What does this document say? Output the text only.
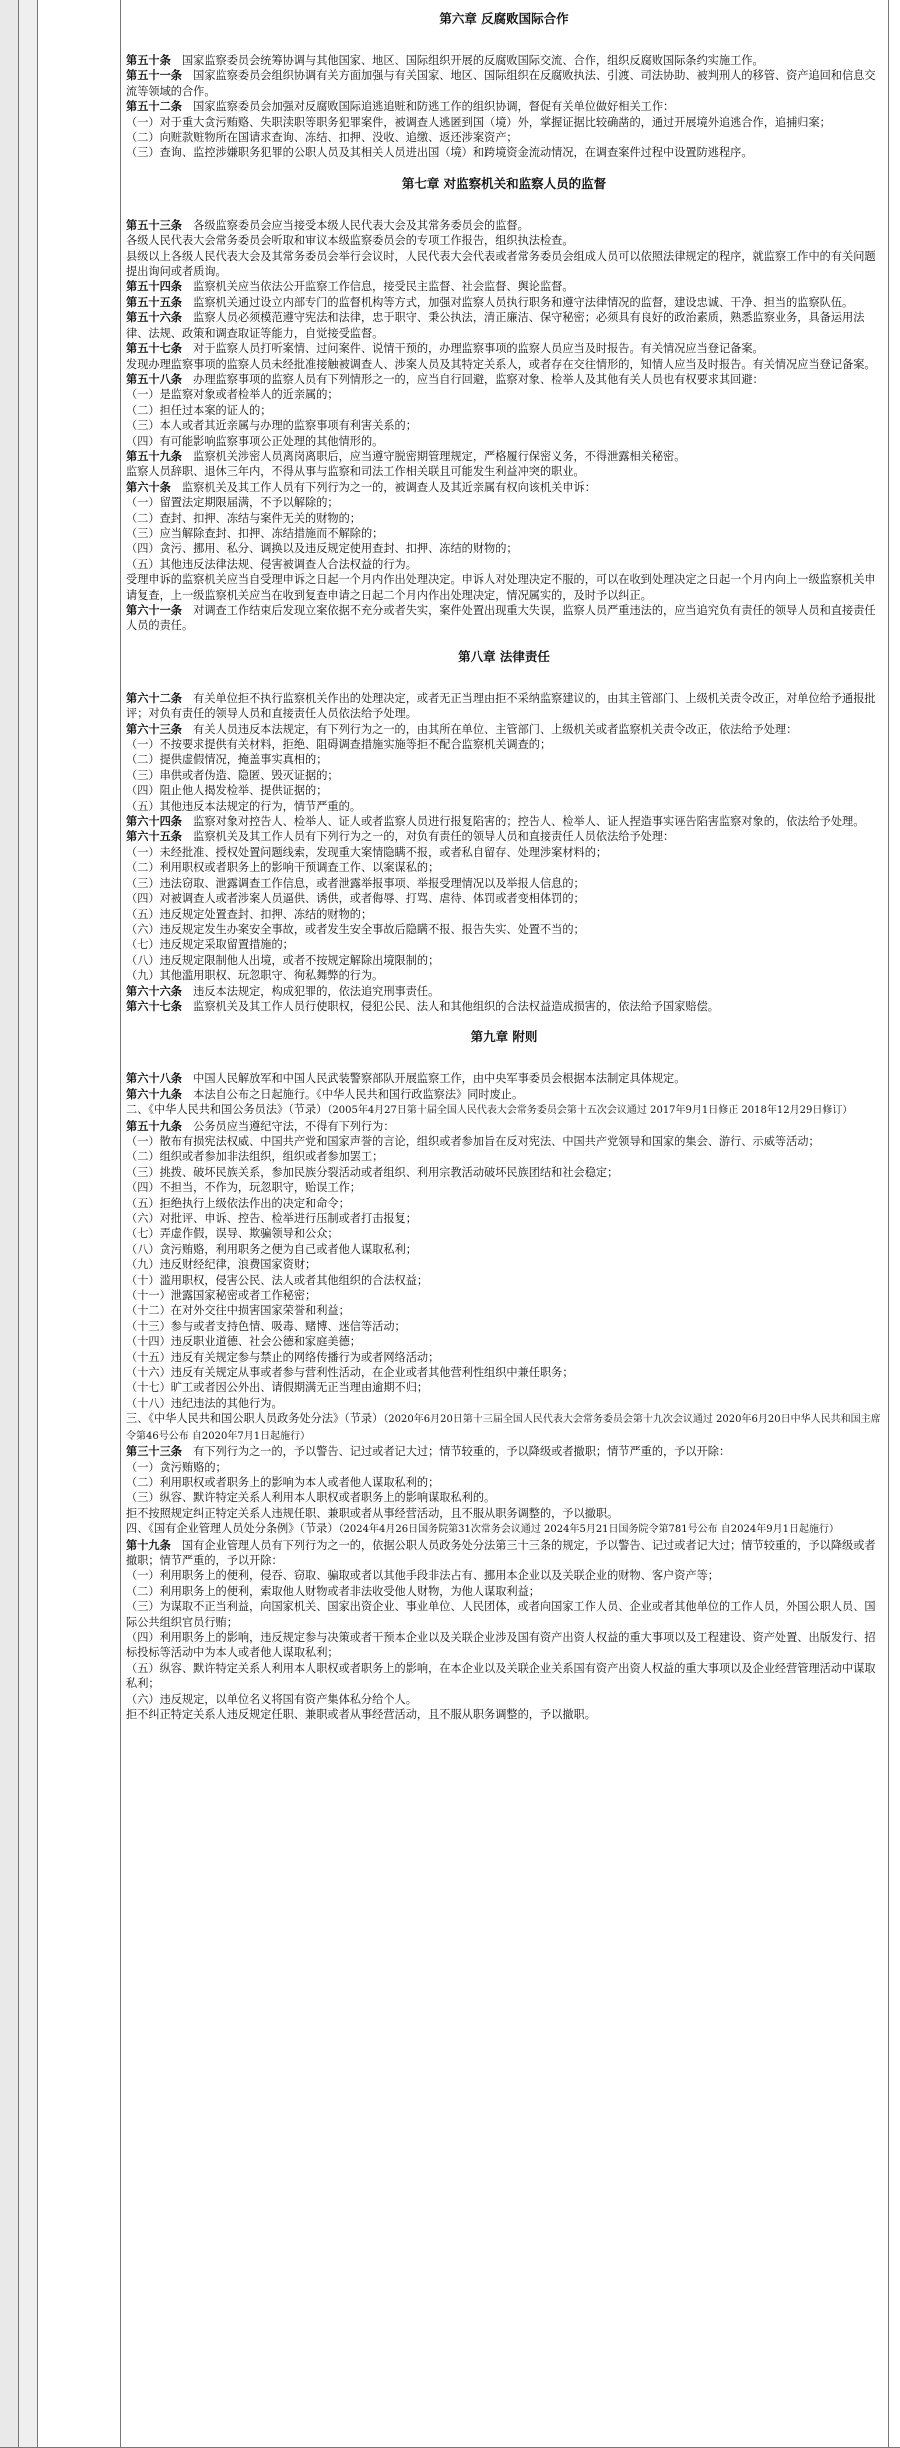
第六章 反腐败国际合作

第五十条　国家监察委员会统筹协调与其他国家、地区、国际组织开展的反腐败国际交流、合作，组织反腐败国际条约实施工作。

第五十一条　国家监察委员会组织协调有关方面加强与有关国家、地区、国际组织在反腐败执法、引渡、司法协助、被判刑人的移管、资产追回和信息交流等领域的合作。

第五十二条　国家监察委员会加强对反腐败国际追逃追赃和防逃工作的组织协调，督促有关单位做好相关工作：

（一）对于重大贪污贿赂、失职渎职等职务犯罪案件，被调查人逃匿到国（境）外，掌握证据比较确凿的，通过开展境外追逃合作，追捕归案；

（二）向赃款赃物所在国请求查询、冻结、扣押、没收、追缴、返还涉案资产；

（三）查询、监控涉嫌职务犯罪的公职人员及其相关人员进出国（境）和跨境资金流动情况，在调查案件过程中设置防逃程序。

第七章 对监察机关和监察人员的监督

第五十三条　各级监察委员会应当接受本级人民代表大会及其常务委员会的监督。

各级人民代表大会常务委员会听取和审议本级监察委员会的专项工作报告，组织执法检查。

县级以上各级人民代表大会及其常务委员会举行会议时，人民代表大会代表或者常务委员会组成人员可以依照法律规定的程序，就监察工作中的有关问题提出询问或者质询。

第五十四条　监察机关应当依法公开监察工作信息，接受民主监督、社会监督、舆论监督。

第五十五条　监察机关通过设立内部专门的监督机构等方式，加强对监察人员执行职务和遵守法律情况的监督，建设忠诚、干净、担当的监察队伍。

第五十六条　监察人员必须模范遵守宪法和法律，忠于职守、秉公执法，清正廉洁、保守秘密；必须具有良好的政治素质，熟悉监察业务，具备运用法律、法规、政策和调查取证等能力，自觉接受监督。

第五十七条　对于监察人员打听案情、过问案件、说情干预的，办理监察事项的监察人员应当及时报告。有关情况应当登记备案。

发现办理监察事项的监察人员未经批准接触被调查人、涉案人员及其特定关系人，或者存在交往情形的，知情人应当及时报告。有关情况应当登记备案。

第五十八条　办理监察事项的监察人员有下列情形之一的，应当自行回避，监察对象、检举人及其他有关人员也有权要求其回避：

（一）是监察对象或者检举人的近亲属的；

（二）担任过本案的证人的；

（三）本人或者其近亲属与办理的监察事项有利害关系的；

（四）有可能影响监察事项公正处理的其他情形的。

第五十九条　监察机关涉密人员离岗离职后，应当遵守脱密期管理规定，严格履行保密义务，不得泄露相关秘密。

监察人员辞职、退休三年内，不得从事与监察和司法工作相关联且可能发生利益冲突的职业。

第六十条　监察机关及其工作人员有下列行为之一的，被调查人及其近亲属有权向该机关申诉：

（一）留置法定期限届满，不予以解除的；

（二）查封、扣押、冻结与案件无关的财物的；

（三）应当解除查封、扣押、冻结措施而不解除的；

（四）贪污、挪用、私分、调换以及违反规定使用查封、扣押、冻结的财物的；

（五）其他违反法律法规、侵害被调查人合法权益的行为。

受理申诉的监察机关应当自受理申诉之日起一个月内作出处理决定。申诉人对处理决定不服的，可以在收到处理决定之日起一个月内向上一级监察机关申请复查，上一级监察机关应当在收到复查申请之日起二个月内作出处理决定，情况属实的，及时予以纠正。

第六十一条　对调查工作结束后发现立案依据不充分或者失实，案件处置出现重大失误，监察人员严重违法的，应当追究负有责任的领导人员和直接责任人员的责任。

第八章 法律责任

第六十二条　有关单位拒不执行监察机关作出的处理决定，或者无正当理由拒不采纳监察建议的，由其主管部门、上级机关责令改正，对单位给予通报批评；对负有责任的领导人员和直接责任人员依法给予处理。

第六十三条　有关人员违反本法规定，有下列行为之一的，由其所在单位、主管部门、上级机关或者监察机关责令改正，依法给予处理：

（一）不按要求提供有关材料，拒绝、阻碍调查措施实施等拒不配合监察机关调查的；

（二）提供虚假情况，掩盖事实真相的；

（三）串供或者伪造、隐匿、毁灭证据的；

（四）阻止他人揭发检举、提供证据的；

（五）其他违反本法规定的行为，情节严重的。

第六十四条　监察对象对控告人、检举人、证人或者监察人员进行报复陷害的；控告人、检举人、证人捏造事实诬告陷害监察对象的，依法给予处理。

第六十五条　监察机关及其工作人员有下列行为之一的，对负有责任的领导人员和直接责任人员依法给予处理：

（一）未经批准、授权处置问题线索，发现重大案情隐瞒不报，或者私自留存、处理涉案材料的；

（二）利用职权或者职务上的影响干预调查工作、以案谋私的；

（三）违法窃取、泄露调查工作信息，或者泄露举报事项、举报受理情况以及举报人信息的；

（四）对被调查人或者涉案人员逼供、诱供，或者侮辱、打骂、虐待、体罚或者变相体罚的；

（五）违反规定处置查封、扣押、冻结的财物的；

（六）违反规定发生办案安全事故，或者发生安全事故后隐瞒不报、报告失实、处置不当的；

（七）违反规定采取留置措施的；

（八）违反规定限制他人出境，或者不按规定解除出境限制的；

（九）其他滥用职权、玩忽职守、徇私舞弊的行为。

第六十六条　违反本法规定，构成犯罪的，依法追究刑事责任。

第六十七条　监察机关及其工作人员行使职权，侵犯公民、法人和其他组织的合法权益造成损害的，依法给予国家赔偿。

第九章 附则

第六十八条　中国人民解放军和中国人民武装警察部队开展监察工作，由中央军事委员会根据本法制定具体规定。

第六十九条　本法自公布之日起施行。《中华人民共和国行政监察法》同时废止。

二、《中华人民共和国公务员法》（节录）（2005年4月27日第十届全国人民代表大会常务委员会第十五次会议通过 2017年9月1日修正 2018年12月29日修订）

第五十九条　公务员应当遵纪守法，不得有下列行为：

（一）散布有损宪法权威、中国共产党和国家声誉的言论，组织或者参加旨在反对宪法、中国共产党领导和国家的集会、游行、示威等活动；

（二）组织或者参加非法组织，组织或者参加罢工；

（三）挑拨、破坏民族关系，参加民族分裂活动或者组织、利用宗教活动破坏民族团结和社会稳定；

（四）不担当，不作为，玩忽职守，贻误工作；

（五）拒绝执行上级依法作出的决定和命令；

（六）对批评、申诉、控告、检举进行压制或者打击报复；

（七）弄虚作假，误导、欺骗领导和公众；

（八）贪污贿赂，利用职务之便为自己或者他人谋取私利；

（九）违反财经纪律，浪费国家资财；

（十）滥用职权，侵害公民、法人或者其他组织的合法权益；

（十一）泄露国家秘密或者工作秘密；

（十二）在对外交往中损害国家荣誉和利益；

（十三）参与或者支持色情、吸毒、赌博、迷信等活动；

（十四）违反职业道德、社会公德和家庭美德；

（十五）违反有关规定参与禁止的网络传播行为或者网络活动；

（十六）违反有关规定从事或者参与营利性活动，在企业或者其他营利性组织中兼任职务；

（十七）旷工或者因公外出、请假期满无正当理由逾期不归；

（十八）违纪违法的其他行为。

三、《中华人民共和国公职人员政务处分法》（节录）（2020年6月20日第十三届全国人民代表大会常务委员会第十九次会议通过 2020年6月20日中华人民共和国主席令第46号公布 自2020年7月1日起施行）

第三十三条　有下列行为之一的，予以警告、记过或者记大过；情节较重的，予以降级或者撤职；情节严重的，予以开除：

（一）贪污贿赂的；

（二）利用职权或者职务上的影响为本人或者他人谋取私利的；

（三）纵容、默许特定关系人利用本人职权或者职务上的影响谋取私利的。

拒不按照规定纠正特定关系人违规任职、兼职或者从事经营活动，且不服从职务调整的，予以撤职。

四、《国有企业管理人员处分条例》（节录）（2024年4月26日国务院第31次常务会议通过 2024年5月21日国务院令第781号公布 自2024年9月1日起施行）

第十九条　国有企业管理人员有下列行为之一的，依据公职人员政务处分法第三十三条的规定，予以警告、记过或者记大过；情节较重的，予以降级或者撤职；情节严重的，予以开除：

（一）利用职务上的便利，侵吞、窃取、骗取或者以其他手段非法占有、挪用本企业以及关联企业的财物、客户资产等；

（二）利用职务上的便利，索取他人财物或者非法收受他人财物，为他人谋取利益；

（三）为谋取不正当利益，向国家机关、国家出资企业、事业单位、人民团体，或者向国家工作人员、企业或者其他单位的工作人员，外国公职人员、国际公共组织官员行贿；

（四）利用职务上的影响，违反规定参与决策或者干预本企业以及关联企业涉及国有资产出资人权益的重大事项以及工程建设、资产处置、出版发行、招标投标等活动中为本人或者他人谋取私利；

（五）纵容、默许特定关系人利用本人职权或者职务上的影响，在本企业以及关联企业关系国有资产出资人权益的重大事项以及企业经营管理活动中谋取私利；

（六）违反规定，以单位名义将国有资产集体私分给个人。

拒不纠正特定关系人违反规定任职、兼职或者从事经营活动，且不服从职务调整的，予以撤职。
